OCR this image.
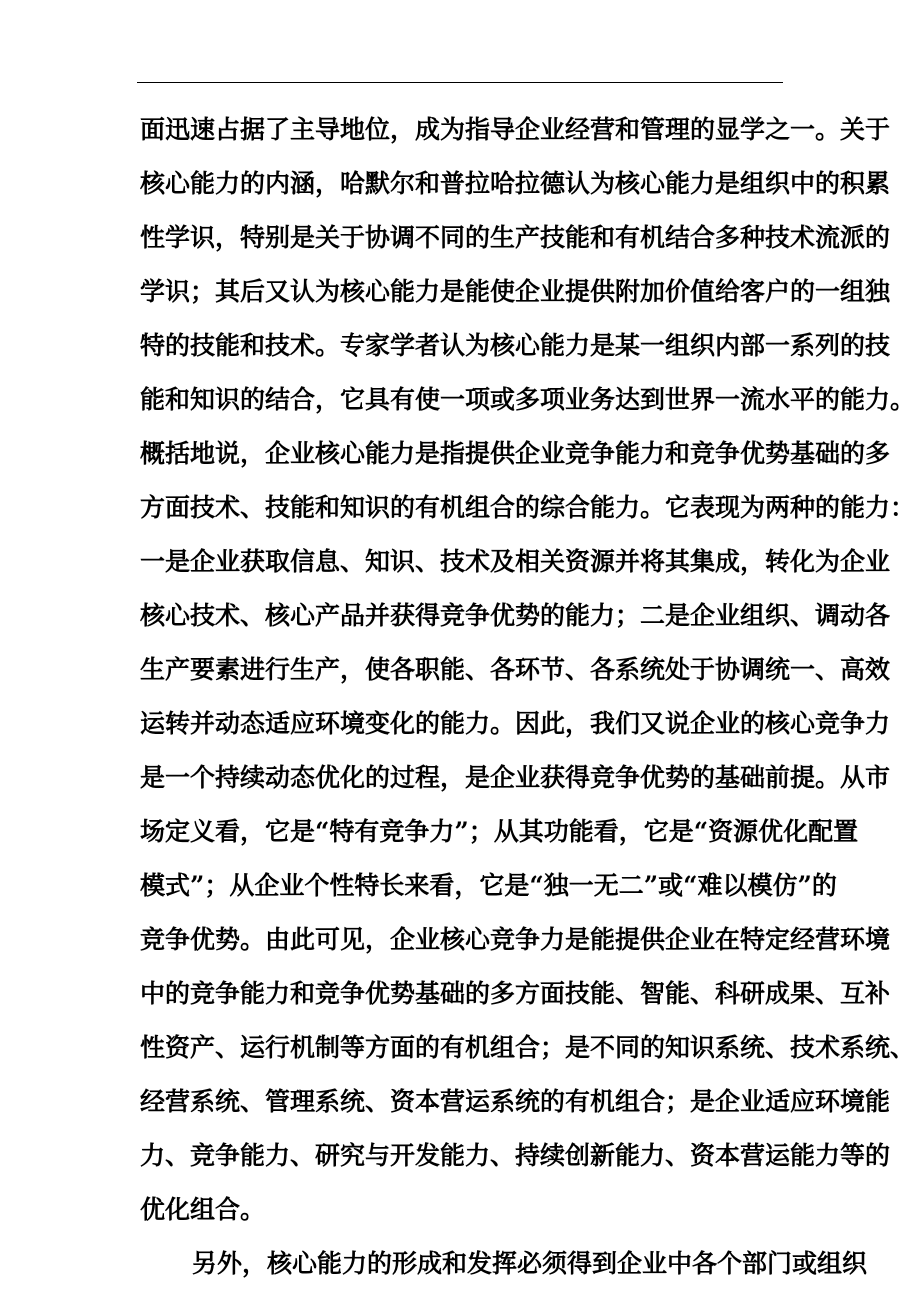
面迅速占据了主导地位，成为指导企业经营和管理的显学之一。关于
核心能力的内涵，哈默尔和普拉哈拉德认为核心能力是组织中的积累
性学识，特别是关于协调不同的生产技能和有机结合多种技术流派的
学识；其后又认为核心能力是能使企业提供附加价值给客户的一组独
特的技能和技术。专家学者认为核心能力是某一组织内部一系列的技
能和知识的结合，它具有使一项或多项业务达到世界一流水平的能力。
概括地说，企业核心能力是指提供企业竞争能力和竞争优势基础的多
方面技术、技能和知识的有机组合的综合能力。它表现为两种的能力：
一是企业获取信息、知识、技术及相关资源并将其集成，转化为企业
核心技术、核心产品并获得竞争优势的能力；二是企业组织、调动各
生产要素进行生产，使各职能、各环节、各系统处于协调统一、高效
运转并动态适应环境变化的能力。因此，我们又说企业的核心竞争力
是一个持续动态优化的过程，是企业获得竞争优势的基础前提。从市
场定义看，它是“特有竞争力”；从其功能看，它是“资源优化配置
模式”；从企业个性特长来看，它是“独一无二”或“难以模仿”的
竞争优势。由此可见，企业核心竞争力是能提供企业在特定经营环境
中的竞争能力和竞争优势基础的多方面技能、智能、科研成果、互补
性资产、运行机制等方面的有机组合；是不同的知识系统、技术系统、
经营系统、管理系统、资本营运系统的有机组合；是企业适应环境能
力、竞争能力、研究与开发能力、持续创新能力、资本营运能力等的
优化组合。
另外，核心能力的形成和发挥必须得到企业中各个部门或组织
